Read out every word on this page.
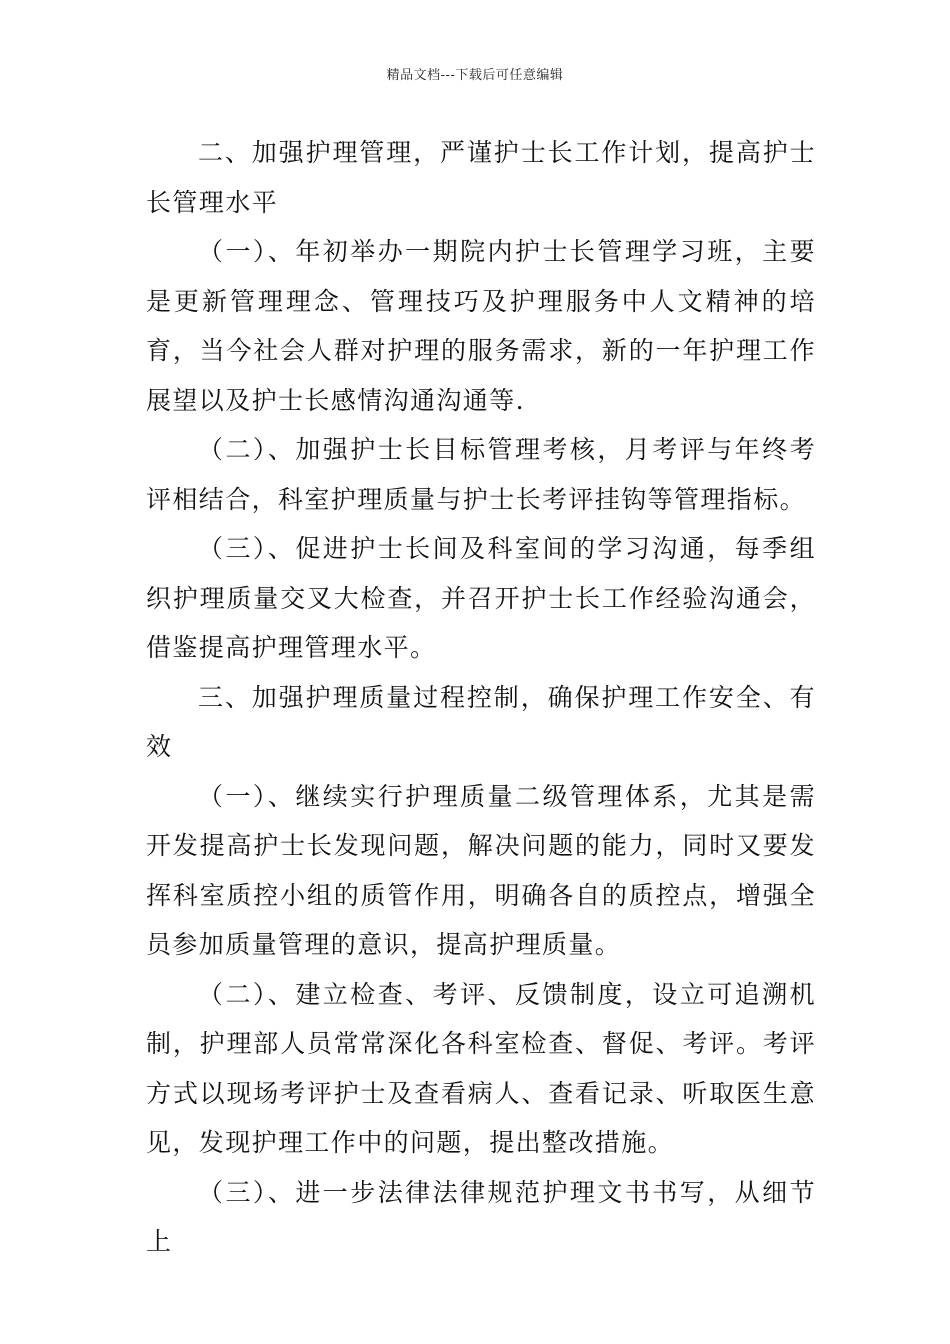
精品文档---下载后可任意编辑

二、加强护理管理，严谨护士长工作计划，提高护士长管理水平

（一）、年初举办一期院内护士长管理学习班，主要是更新管理理念、管理技巧及护理服务中人文精神的培育，当今社会人群对护理的服务需求，新的一年护理工作展望以及护士长感情沟通沟通等.

（二）、加强护士长目标管理考核，月考评与年终考评相结合，科室护理质量与护士长考评挂钩等管理指标。

（三）、促进护士长间及科室间的学习沟通，每季组织护理质量交叉大检查，并召开护士长工作经验沟通会，借鉴提高护理管理水平。

三、加强护理质量过程控制，确保护理工作安全、有效

（一）、继续实行护理质量二级管理体系，尤其是需开发提高护士长发现问题，解决问题的能力，同时又要发挥科室质控小组的质管作用，明确各自的质控点，增强全员参加质量管理的意识，提高护理质量。

（二）、建立检查、考评、反馈制度，设立可追溯机制，护理部人员常常深化各科室检查、督促、考评。考评方式以现场考评护士及查看病人、查看记录、听取医生意见，发现护理工作中的问题，提出整改措施。

（三）、进一步法律法律规范护理文书书写，从细节上
